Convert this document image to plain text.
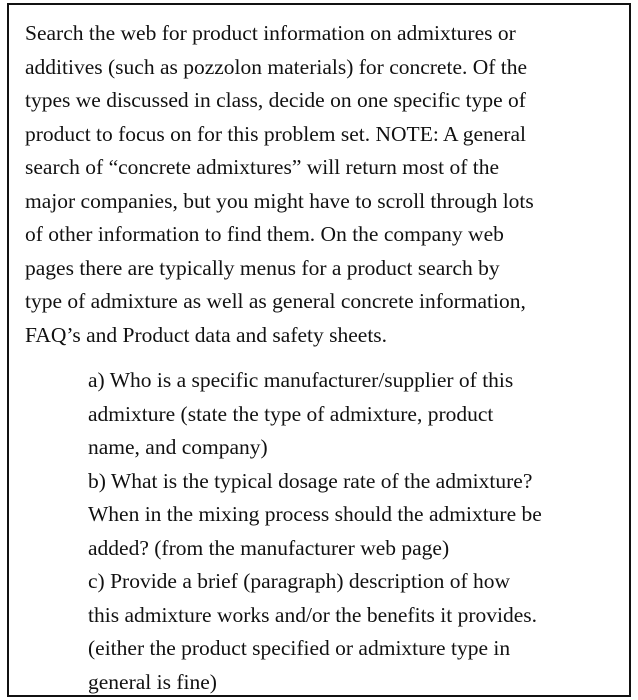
Search the web for product information on admixtures or
additives (such as pozzolon materials) for concrete. Of the
types we discussed in class, decide on one specific type of
product to focus on for this problem set. NOTE: A general
search of “concrete admixtures” will return most of the
major companies, but you might have to scroll through lots
of other information to find them. On the company web
pages there are typically menus for a product search by
type of admixture as well as general concrete information,
FAQ’s and Product data and safety sheets.
a) Who is a specific manufacturer/supplier of this
admixture (state the type of admixture, product
name, and company)
b) What is the typical dosage rate of the admixture?
When in the mixing process should the admixture be
added? (from the manufacturer web page)
c) Provide a brief (paragraph) description of how
this admixture works and/or the benefits it provides.
(either the product specified or admixture type in
general is fine)
